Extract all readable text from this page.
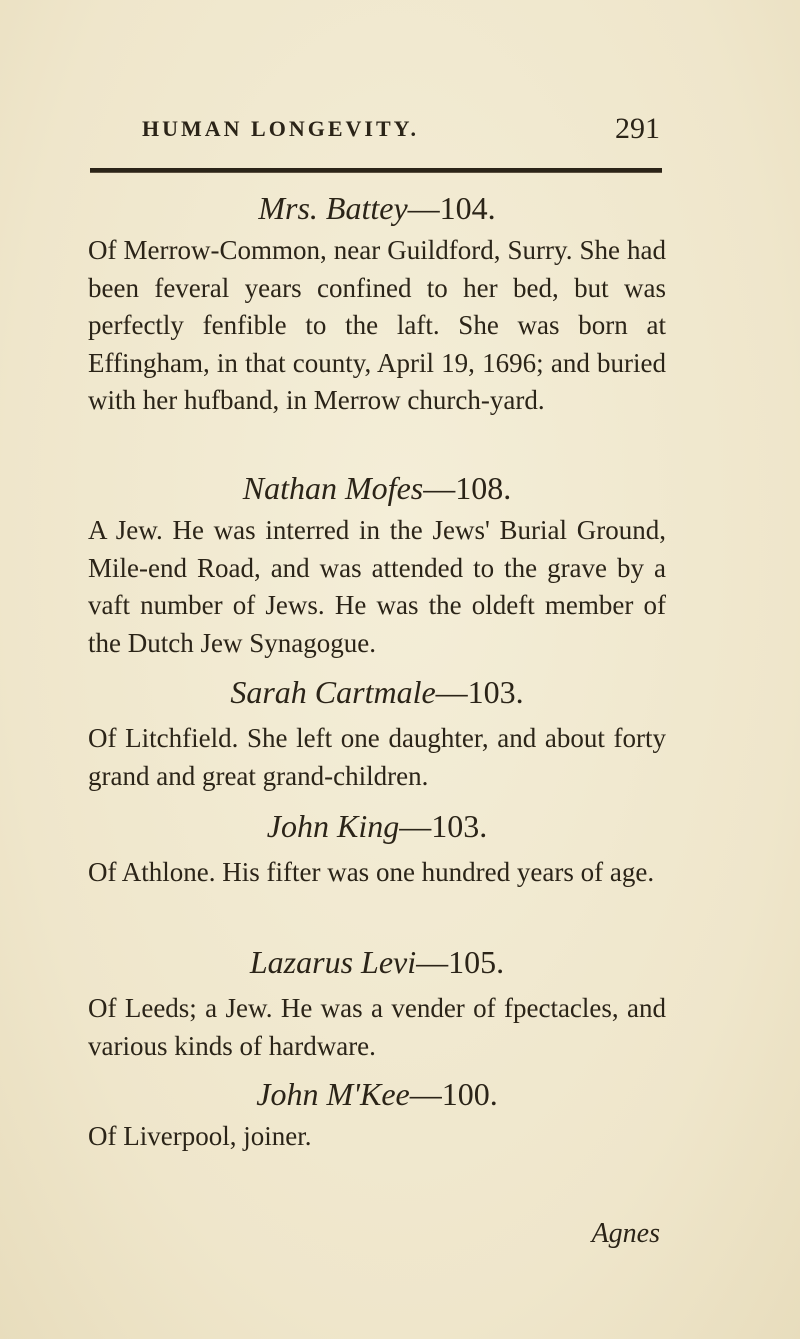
HUMAN LONGEVITY.	291
Mrs. Battey—104.
Of Merrow-Common, near Guildford, Surry. She had been feveral years confined to her bed, but was perfectly fenfible to the laft. She was born at Effingham, in that county, April 19, 1696; and buried with her hufband, in Merrow church-yard.
Nathan Mofes—108.
A Jew. He was interred in the Jews' Burial Ground, Mile-end Road, and was attended to the grave by a vaft number of Jews. He was the oldeft member of the Dutch Jew Synagogue.
Sarah Cartmale—103.
Of Litchfield. She left one daughter, and about forty grand and great grand-children.
John King—103.
Of Athlone. His fifter was one hundred years of age.
Lazarus Levi—105.
Of Leeds; a Jew. He was a vender of fpectacles, and various kinds of hardware.
John M'Kee—100.
Of Liverpool, joiner.
Agnes
